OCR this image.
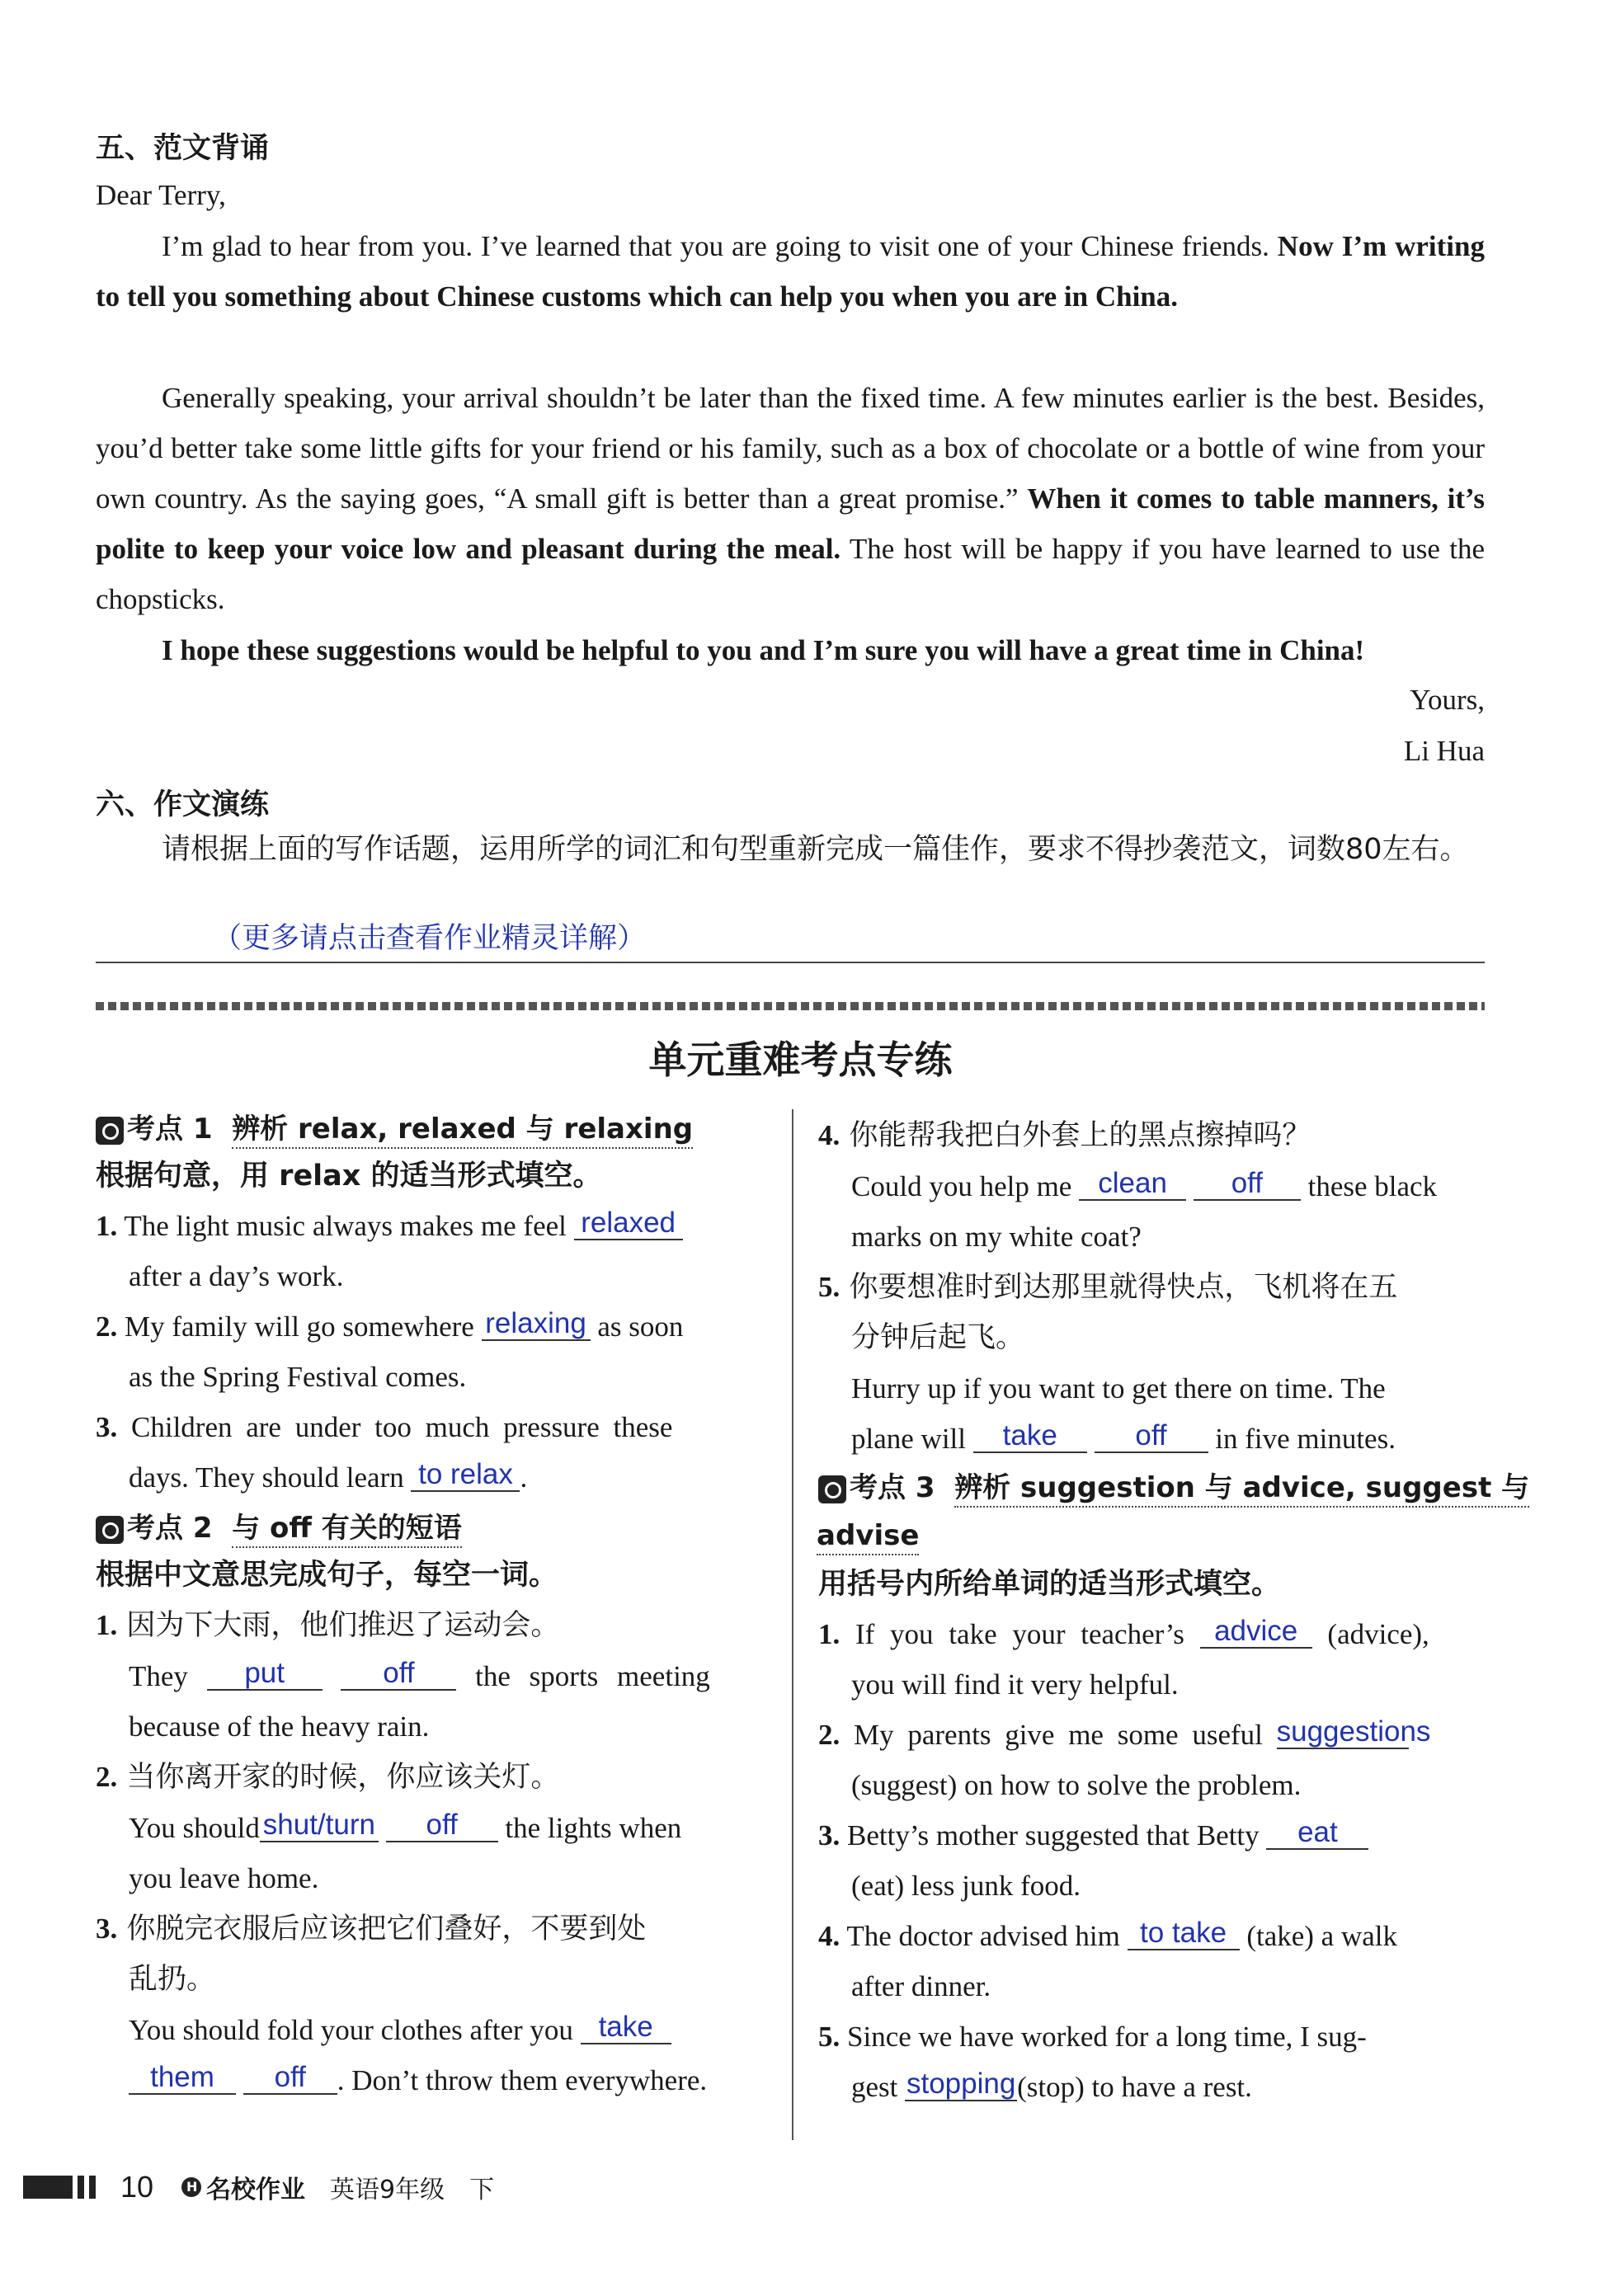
五、范文背诵
Dear Terry,
I’m glad to hear from you. I’ve learned that you are going to visit one of your Chinese friends. Now I’m writing to tell you something about Chinese customs which can help you when you are in China.
Generally speaking, your arrival shouldn’t be later than the fixed time. A few minutes earlier is the best. Besides, you’d better take some little gifts for your friend or his family, such as a box of chocolate or a bottle of wine from your own country. As the saying goes, “A small gift is better than a great promise.” When it comes to table manners, it’s polite to keep your voice low and pleasant during the meal. The host will be happy if you have learned to use the chopsticks.
I hope these suggestions would be helpful to you and I’m sure you will have a great time in China!
Yours,
Li Hua
六、作文演练
请根据上面的写作话题，运用所学的词汇和句型重新完成一篇佳作，要求不得抄袭范文，词数80左右。
（更多请点击查看作业精灵详解）
单元重难考点专练
考点 1 辨析 relax, relaxed 与 relaxing
根据句意，用 relax 的适当形式填空。
1. The light music always makes me feel relaxed
after a day’s work.
2. My family will go somewhere relaxing as soon
as the Spring Festival comes.
3. Children are under too much pressure these
days. They should learn to relax .
考点 2 与 off 有关的短语
根据中文意思完成句子，每空一词。
1. 因为下大雨，他们推迟了运动会。
They put	off the sports meeting
because of the heavy rain.
2. 当你离开家的时候，你应该关灯。
You should shut/turn off the lights when
you leave home.
3. 你脱完衣服后应该把它们叠好，不要到处
乱扔。
You should fold your clothes after you take
them off . Don’t throw them everywhere.
4. 你能帮我把白外套上的黑点擦掉吗？
Could you help me clean off these black
marks on my white coat?
5. 你要想准时到达那里就得快点，飞机将在五
分钟后起飞。
Hurry up if you want to get there on time. The
plane will take	off in five minutes.
考点 3 辨析 suggestion 与 advice, suggest 与
advise
用括号内所给单词的适当形式填空。
1. If you take your teacher’s advice (advice),
you will find it very helpful.
2. My parents give me some useful suggestions
(suggest) on how to solve the problem.
3. Betty’s mother suggested that Betty eat
(eat) less junk food.
4. The doctor advised him to take (take) a walk
after dinner.
5. Since we have worked for a long time, I sug-
gest stopping(stop) to have a rest.
10	H 名校作业 英语9年级 下
